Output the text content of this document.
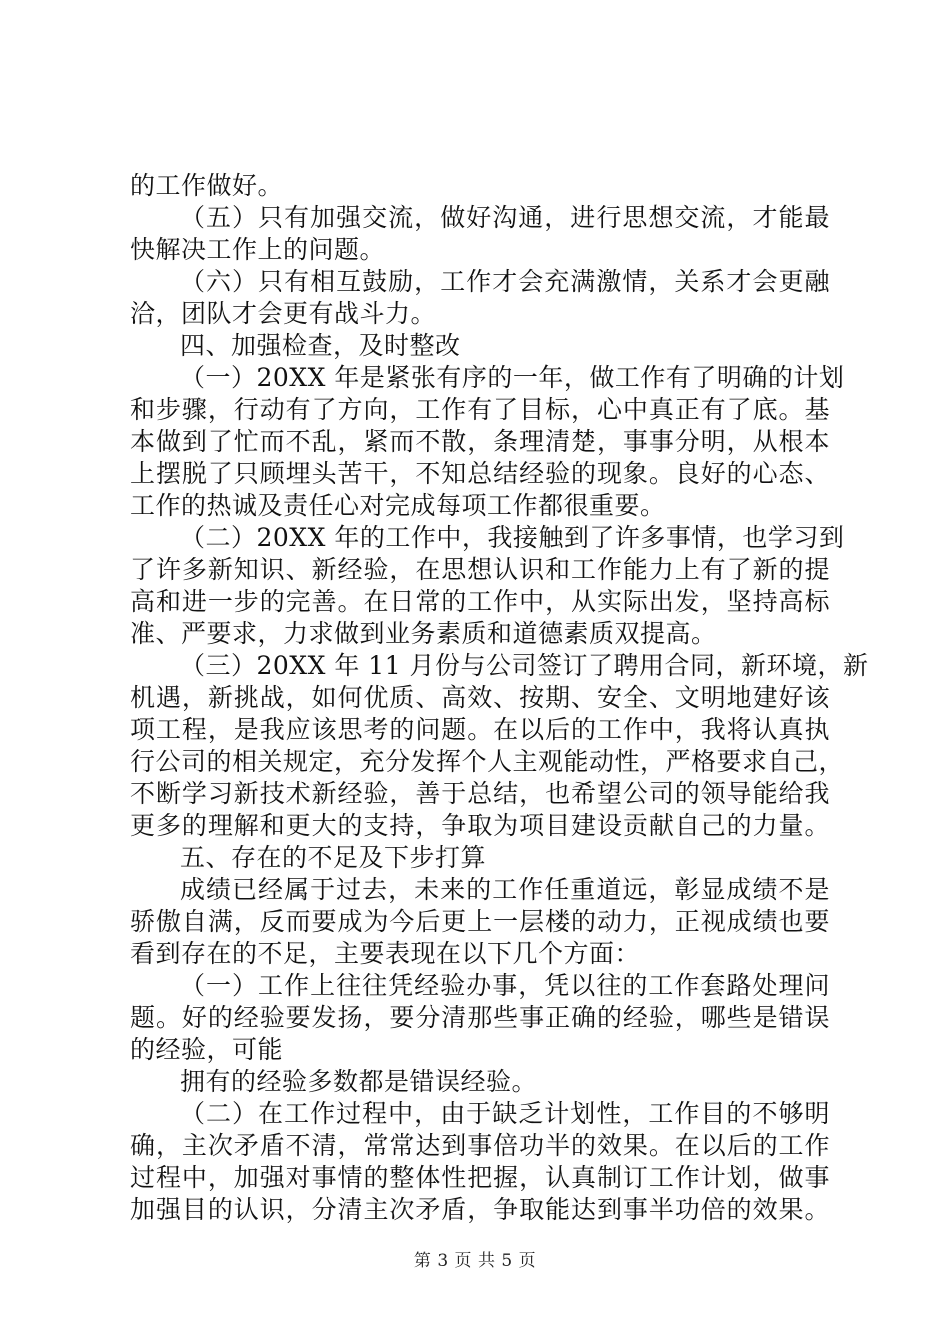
的工作做好。
（五）只有加强交流，做好沟通，进行思想交流，才能最
快解决工作上的问题。
（六）只有相互鼓励，工作才会充满激情，关系才会更融
洽，团队才会更有战斗力。
四、加强检查，及时整改
（一）20XX 年是紧张有序的一年，做工作有了明确的计划
和步骤，行动有了方向，工作有了目标，心中真正有了底。基
本做到了忙而不乱，紧而不散，条理清楚，事事分明，从根本
上摆脱了只顾埋头苦干，不知总结经验的现象。良好的心态、
工作的热诚及责任心对完成每项工作都很重要。
（二）20XX 年的工作中，我接触到了许多事情，也学习到
了许多新知识、新经验，在思想认识和工作能力上有了新的提
高和进一步的完善。在日常的工作中，从实际出发，坚持高标
准、严要求，力求做到业务素质和道德素质双提高。
（三）20XX 年 11 月份与公司签订了聘用合同，新环境，新
机遇，新挑战，如何优质、高效、按期、安全、文明地建好该
项工程，是我应该思考的问题。在以后的工作中，我将认真执
行公司的相关规定，充分发挥个人主观能动性，严格要求自己，
不断学习新技术新经验，善于总结，也希望公司的领导能给我
更多的理解和更大的支持，争取为项目建设贡献自己的力量。
五、存在的不足及下步打算
成绩已经属于过去，未来的工作任重道远，彰显成绩不是
骄傲自满，反而要成为今后更上一层楼的动力，正视成绩也要
看到存在的不足，主要表现在以下几个方面：
（一）工作上往往凭经验办事，凭以往的工作套路处理问
题。好的经验要发扬，要分清那些事正确的经验，哪些是错误
的经验，可能
拥有的经验多数都是错误经验。
（二）在工作过程中，由于缺乏计划性，工作目的不够明
确，主次矛盾不清，常常达到事倍功半的效果。在以后的工作
过程中，加强对事情的整体性把握，认真制订工作计划，做事
加强目的认识，分清主次矛盾，争取能达到事半功倍的效果。
第 3 页 共 5 页
